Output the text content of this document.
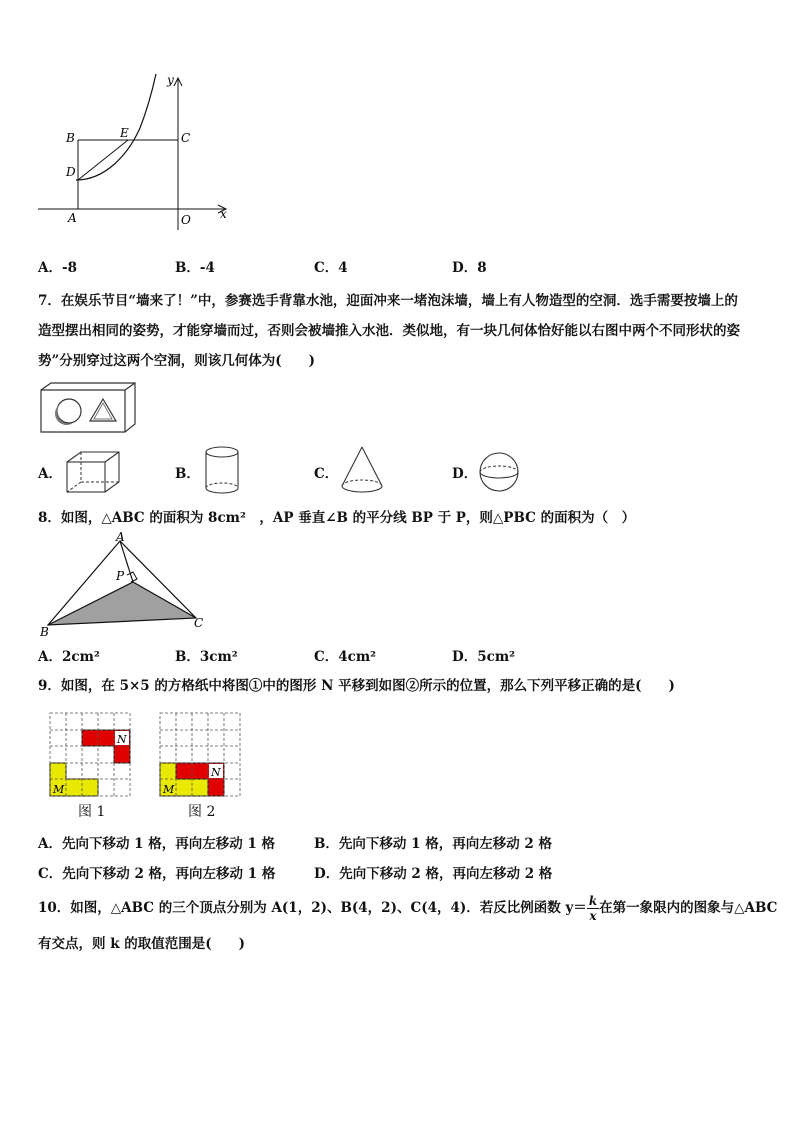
y
x
B	E	C
D
A	O
A．-8	B．-4	C．4	D．8
7．在娱乐节目“墙来了！”中，参赛选手背靠水池，迎面冲来一堵泡沫墙，墙上有人物造型的空洞．选手需要按墙上的
造型摆出相同的姿势，才能穿墙而过，否则会被墙推入水池．类似地，有一块几何体恰好能以右图中两个不同形状的姿
势”分别穿过这两个空洞，则该几何体为(　　)
A．	B．	C．	D．
8．如图，△ABC 的面积为 8cm²　，AP 垂直∠B 的平分线 BP 于 P，则△PBC 的面积为（　）
A
P
B
C
A．2cm²	B．3cm²	C．4cm²	D．5cm²
9．如图，在 5×5 的方格纸中将图①中的图形 N 平移到如图②所示的位置，那么下列平移正确的是(　　)
N
M
图 1
N
M
图 2
A．先向下移动 1 格，再向左移动 1 格	B．先向下移动 1 格，再向左移动 2 格
C．先向下移动 2 格，再向左移动 1 格	D．先向下移动 2 格，再向左移动 2 格
10．如图，△ABC 的三个顶点分别为 A(1，2)、B(4，2)、C(4，4)．若反比例函数 $y= \frac{k}{x}$ 在第一象限内的图象与△ABC
有交点，则 k 的取值范围是(　　)
